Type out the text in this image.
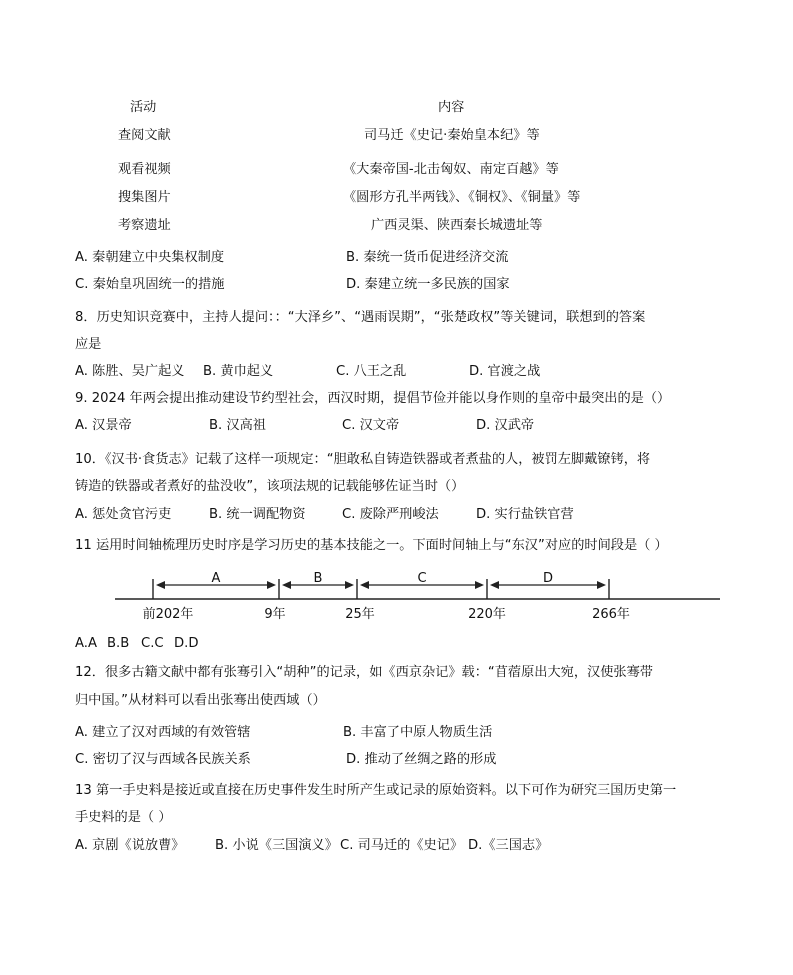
活动	内容
查阅文献	司马迁《史记·秦始皇本纪》等
观看视频	《大秦帝国-北击匈奴、南定百越》等
搜集图片	《圆形方孔半两钱》、《铜权》、《铜量》等
考察遗址	广西灵渠、陕西秦长城遗址等
A. 秦朝建立中央集权制度	B. 秦统一货币促进经济交流
C. 秦始皇巩固统一的措施	D. 秦建立统一多民族的国家
8．历史知识竞赛中，主持人提问：：“大泽乡”、“遇雨误期”，“张楚政权”等关键词，联想到的答案
应是
A. 陈胜、吴广起义 B. 黄巾起义	C. 八王之乱	D. 官渡之战
9. 2024 年两会提出推动建设节约型社会，西汉时期，提倡节俭并能以身作则的皇帝中最突出的是（）
A. 汉景帝	B. 汉高祖	C. 汉文帝	D. 汉武帝
10．《汉书·食货志》记载了这样一项规定：“胆敢私自铸造铁器或者煮盐的人，被罚左脚戴镣铐，将
铸造的铁器或者煮好的盐没收”，该项法规的记载能够佐证当时（）
A. 惩处贪官污吏	B. 统一调配物资	C. 废除严刑峻法	D. 实行盐铁官营
11 运用时间轴梳理历史时序是学习历史的基本技能之一。下面时间轴上与“东汉”对应的时间段是（ ）
前202年	9年	25年	220年	266年
A	B	C	D
A.A B.B C.C D.D
12．很多古籍文献中都有张骞引入“胡种”的记录，如《西京杂记》载：“苜蓿原出大宛，汉使张骞带
归中国。”从材料可以看出张骞出使西域（）
A. 建立了汉对西域的有效管辖	B. 丰富了中原人物质生活
C. 密切了汉与西域各民族关系	D. 推动了丝绸之路的形成
13 第一手史料是接近或直接在历史事件发生时所产生或记录的原始资料。以下可作为研究三国历史第一
手史料的是（ ）
A. 京剧《说放曹》 B. 小说《三国演义》 C. 司马迁的《史记》 D.《三国志》
